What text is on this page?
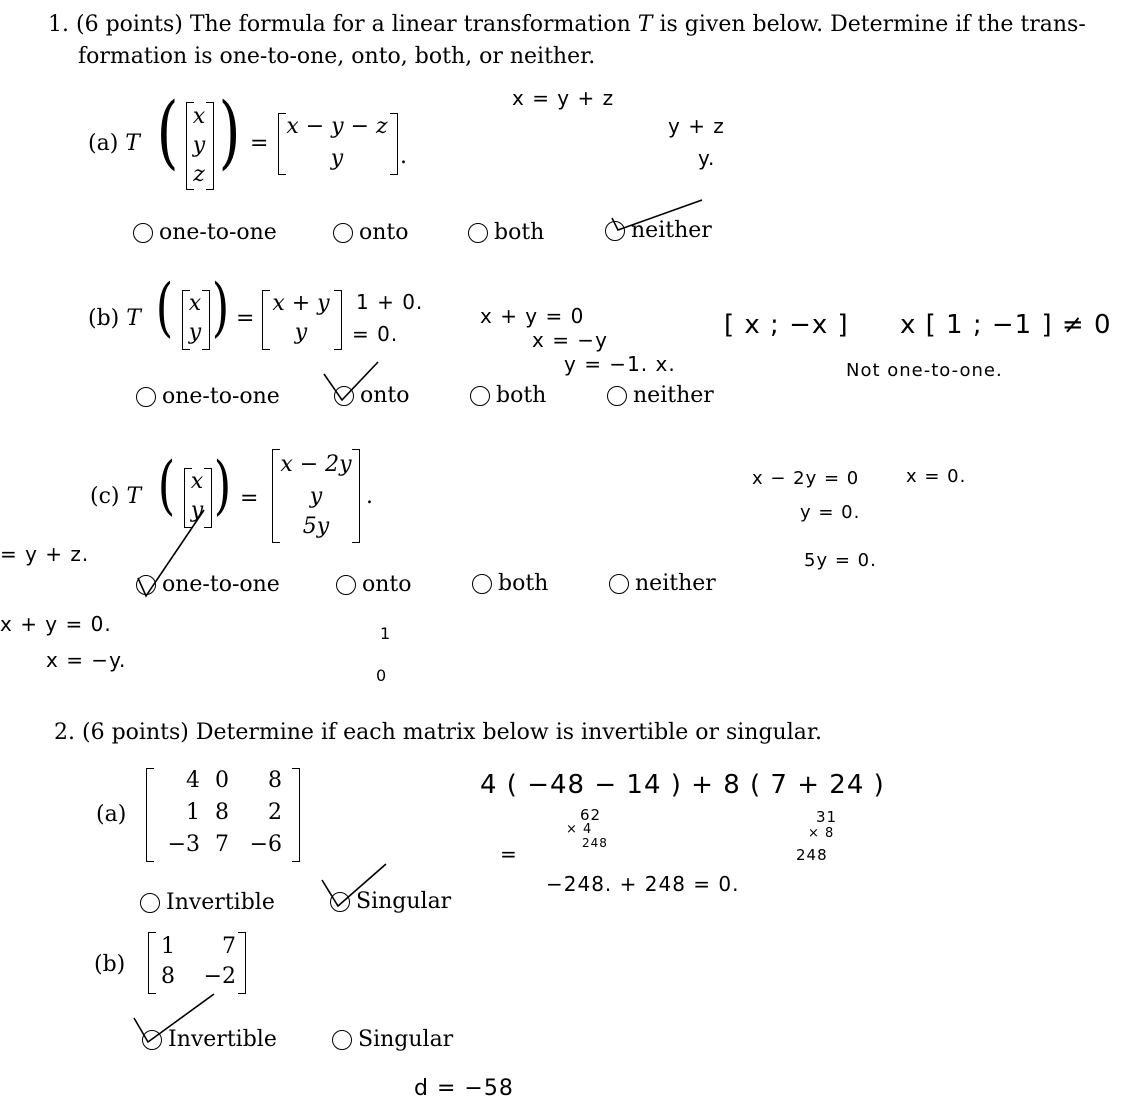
1. (6 points) The formula for a linear transformation T is given below. Determine if the trans-
formation is one-to-one, onto, both, or neither.
(a) T ( x
y
z ) =
x − y − z
y	.
x = y + z
y + z
y.
one-to-one	onto	both	neither
(b) T ( x
y ) =
x + y
y
1 + 0.
= 0.
x + y = 0
x = −y
y = −1. x.
[ x ; −x ] x [ 1 ; −1 ] ≠ 0
Not one-to-one.
one-to-one	onto	both	neither
(c) T ( x
y ) =
x − 2y
y
5y
.
x − 2y = 0	x = 0.
y = 0.
5y = 0.
= y + z.
x + y = 0.
x = −y.
1
0
one-to-one	onto	both	neither
2. (6 points) Determine if each matrix below is invertible or singular.
(a)
4 0	8
1 8	2
−3 7 −6
4 ( −48 − 14 ) + 8 ( 7 + 24 )
62
× 4
248
31
× 8
248
=
−248. + 248 = 0.
Invertible	Singular
(b)
1	7
8 −2
Invertible	Singular
d = −58
